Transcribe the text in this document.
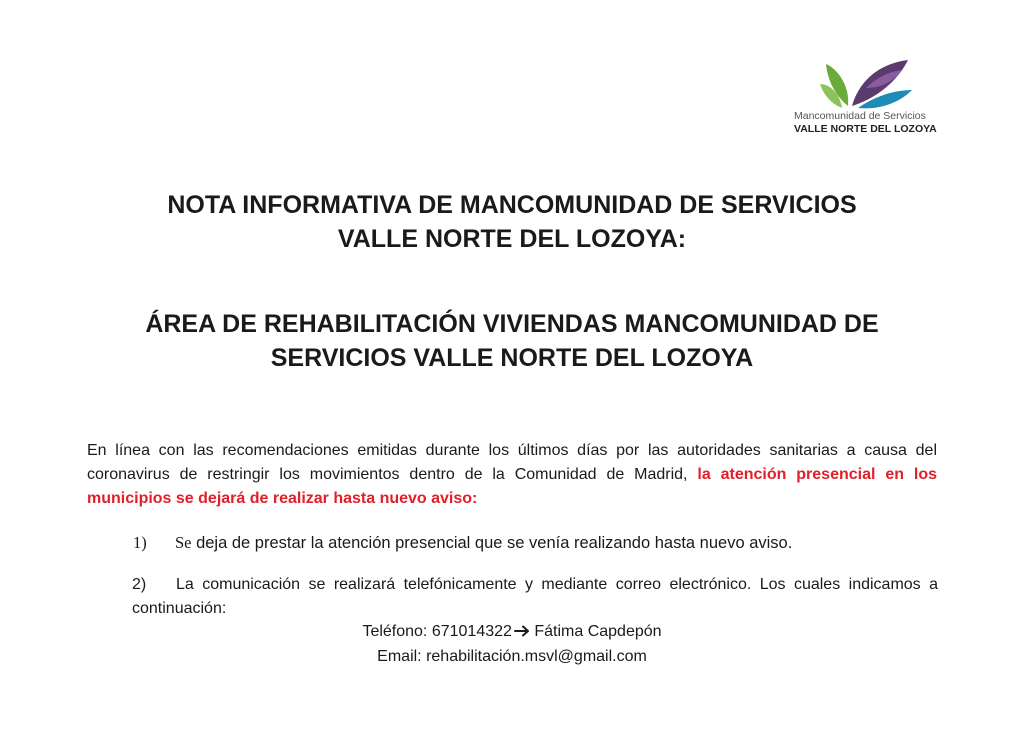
Mancomunidad de Servicios
VALLE NORTE DEL LOZOYA
NOTA INFORMATIVA DE MANCOMUNIDAD DE SERVICIOS
VALLE NORTE DEL LOZOYA:
ÁREA DE REHABILITACIÓN VIVIENDAS MANCOMUNIDAD DE
SERVICIOS VALLE NORTE DEL LOZOYA
En línea con las recomendaciones emitidas durante los últimos días por las autoridades sanitarias a causa del coronavirus de restringir los movimientos dentro de la Comunidad de Madrid, la atención presencial en los municipios se dejará de realizar hasta nuevo aviso:
1) Se deja de prestar la atención presencial que se venía realizando hasta nuevo aviso.
2) La comunicación se realizará telefónicamente y mediante correo electrónico. Los cuales indicamos a continuación:
Teléfono: 671014322 Fátima Capdepón
Email: rehabilitación.msvl@gmail.com
